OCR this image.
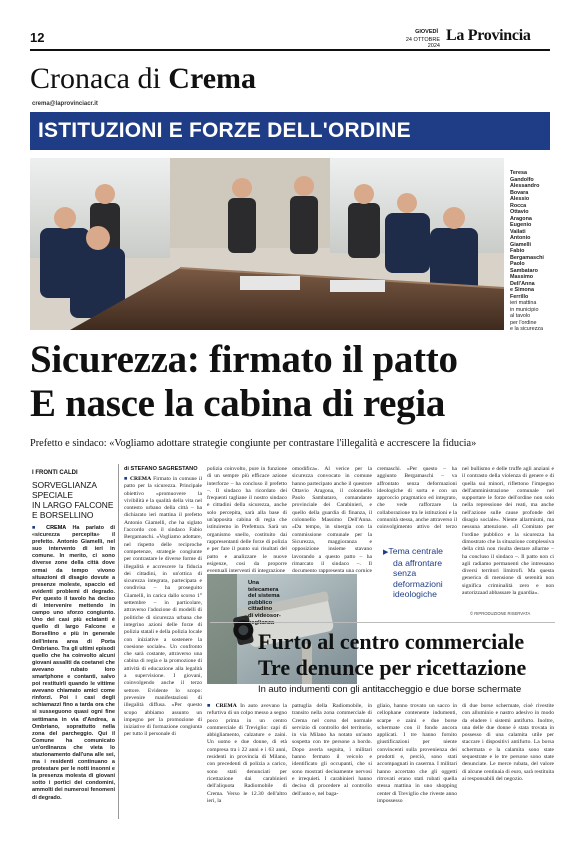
12	GIOVEDÌ
24 OTTOBRE 2024
La Provincia
Cronaca di Crema
crema@laprovinciacr.it
ISTITUZIONI E FORZE DELL'ORDINE
Teresa
Gandolfo
Alessandro
Bovara
Alessio
Rocca
Ottavio
Aragona
Eugenio
Vailati
Antonio
Giamelli
Fabio
Bergamaschi
Paolo
Sambataro
Massimo
Dell'Anna
e Simona
Ferrillo
ieri mattina
in municipio
al tavolo
per l'ordine
e la sicurezza
Sicurezza: firmato il patto
E nasce la cabina di regia
Prefetto e sindaco: «Vogliamo adottare strategie congiunte per contrastare l'illegalità e accrescere la fiducia»
I FRONTI CALDI
SORVEGLIANZA
SPECIALE
IN LARGO FALCONE
E BORSELLINO
■ CREMA Ha parlato di «sicurezza percepita» il prefetto. Antonio Giamelli, nel suo intervento di ieri in comune. In merito, ci sono diverse zone della città dove ormai da tempo vivono situazioni di disagio dovute a presenze moleste, spaccio ed evidenti problemi di degrado. Per questo il tavolo ha deciso di intervenire mettendo in campo uno sforzo congiunto. Uno dei casi più eclatanti è quello di largo Falcone e Borsellino e più in generale dell'intera area di Porta Ombriano. Tra gli ultimi episodi quello che ha coinvolto alcuni giovani assaliti da coetanei che avevano rubato loro smartphone e contanti, salvo poi restituirli quando le vittime avevano chiamato amici come rinforzi. Poi i casi degli schiamazzi fino a tarda ora che si susseguono quasi ogni fine settimana in via d'Andrea, a Ombriano, soprattutto nella zona del parcheggio. Qui il Comune ha comunicato un'ordinanza che vieta lo stazionamento dall'una alle sei, ma i residenti continuano a protestare per le notti insonni e la presenza molesta di giovani sotto i portici dei condomini, ammolti dei numerosi fenomeni di degrado.
di STEFANO SAGRESTANO
■ CREMA Firmato in comune il patto per la sicurezza. Principale obiettivo «promuovere la vivibilità e la qualità della vita nel contesto urbano della città – ha dichiarato ieri mattina il prefetto Antonio Giamelli, che ha siglato l'accordo con il sindaco Fabio Bergamaschi. «Vogliamo adottare, nel rispetto delle reciproche competenze, strategie congiunte per contrastare le diverse forme di illegalità e accrescere la fiducia dei cittadini, in un'ottica di sicurezza integrata, partecipata e condivisa – ha proseguito Giamelli, in carica dallo scorso 1° settembre – in particolare, attraverso l'adozione di modelli di politiche di sicurezza urbana che integrino azioni delle forze di polizia statali e della polizia locale con iniziative a sostenere la coesione sociale». Un confronto che sarà costante, attraverso una cabina di regia e la promozione di attività di educazione alla legalità a supervisione. I giovani, coinvolgendo anche il terzo settore. Evidente lo scopo: prevenire manifestazioni di illegalità diffusa. «Per questo scopo abbiamo assunto un impegno per la promozione di iniziative di formazione congiunta per tutto il personale di
polizia coinvolto, pure in funzione di un sempre più efficace azione interforze – ha concluso il prefetto –. Il sindaco ha ricordato dei frequenti tagliane il nostro sindaco e cittadini della sicurezza, anche solo percepita, sarà alla base di un'apposita cabina di regia che istituiremo in Prefettura. Sarà un organismo snello, costituito dai rappresentanti delle forze di polizia e per fare il punto sui risultati del patto e analizzare le nuove esigenze, così da proporre eventuali interventi di integrazione
omodifica». Al verice per la sicurezza convocato in comune hanno partecipato anche il questore Ottavio Aragona, il colonnello Paolo Sambataro, comandante provinciale dei Carabinieri, e quello della guardia di finanza, il colonnello Massimo Dell'Anna. «Da tempo, in sinergia con la commissione comunale per la Sicurezza, maggioranza e opposizione insieme stavano lavorando a questo patto – ha rimarcato il sindaco –. Il documento rappresenta una cornice
cremaschi. «Per questo – ha aggiunto Bergamaschi – va affrontato senza deformazioni ideologiche di sorta e con un approccio pragmatico ed integrato, che vede rafforzare la collaborazione tra le istituzioni e la comunità stessa, anche attraverso il coinvolgimento attivo del terzo
nel bullismo e delle truffe agli anziani e il contrasto della violenza di genere e di quella sui minori, riflettono l'impegno dell'amministrazione comunale nel supportare le forze dell'ordine non solo nella repressione dei reati, ma anche nell'azione sulle cause profonde del disagio sociale». Niente allarmismi, ma nessuna attenzione. «Il Comitato per l'ordine pubblico e la sicurezza ha dimostrato che la situazione complessiva della città non risulta destare allarme – ha concluso il sindaco –. Il patto non ci agli radiamo permanenti che intressano diversi territori limitrofi. Ma questa generica di mensione di serenità non significa criminalità zero e non autorizzaad abbassare la guardia».
▶Tema centrale
da affrontare
senza
deformazioni
ideologiche
© RIPRODUZIONE RISERVATA
Una
telecamera
del sistema
pubblico
cittadino
di videosor-
Furto al centro commerciale
Tre denunce per ricettazione
In auto indumenti con gli antitaccheggio e due borse schermate
■ CREMA In auto avevano la refurtiva di un colpo messo a segno poco prima in un centro commerciale di Treviglio: capi di abbigliamento, calzature e zaini. Un uomo e due donne, di età compresa tra i 22 anni e i 63 anni, residenti in provincia di Milano, con precedenti di polizia a carico, sono stati denunciati per ricettazione dai carabinieri dell'aliquota Radiomobile di Crema. Verso le 12.30 dell'altro ieri, la
pattuglia della Radiomobile, in transito nella zona commerciale di Crema nel corso del normale servizio di controllo del territorio, in via Milano ha notato un'auto sospetta con tre persone a bordo. Dopo averla seguita, i militari hanno fermato il veicolo e identificato gli occupanti, che si sono mostrati decisamente nervosi e irrequieti. I carabinieri hanno deciso di procedere al controllo dell'auto e, nel baga-
gliaio, hanno trovato un sacco in cellophane contenente indumenti, scarpe e zaini e due borse schermate con il fondo ancora applicati. I tre hanno fornito giustificazioni per niente convincenti sulla provenienza dei prodotti e, perciò, sono stati accompagnati in caserma. I militari hanno accertato che gli oggetti ritrovati erano stati rubati quella stessa mattina in uno shopping center di Treviglio che riveste anno impossesso
di due borse schermate, cioè rivestite con alluminio e nastro adesivo in modo da eludere i sistemi antifurto. Inoltre, una delle due donne è stata trovata in possesso di una calamita utile per staccare i dispositivi antifurto. La borsa schermata e la calamita sono state sequestrate e le tre persone sono state denunciate. Le merce rubata, del valore di alcune centinaia di euro, sarà restituita ai responsabili del negozio.
